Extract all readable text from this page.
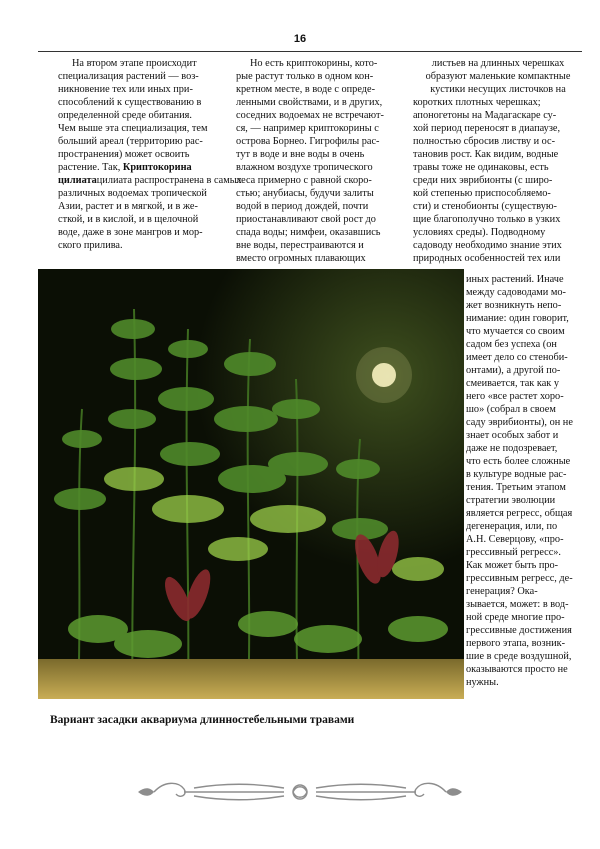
16
На втором этапе происходит
специализация растений — воз-
никновение тех или иных при-
способлений к существованию в
определенной среде обитания.
Чем выше эта специализация, тем
больший ареал (территорию рас-
пространения) может освоить
растение. Так, Криптокорина
цилиатацилиата распространена в самых
различных водоемах тропической
Азии, растет и в мягкой, и в же-
сткой, и в кислой, и в щелочной
воде, даже в зоне мангров и мор-
ского прилива.
Но есть криптокорины, кото-
рые растут только в одном кон-
кретном месте, в воде с опреде-
ленными свойствами, и в других,
соседних водоемах не встречают-
ся, — например криптокорины с
острова Борнео. Гигрофилы рас-
тут в воде и вне воды в очень
влажном воздухе тропического
леса примерно с равной скоро-
стью; анубиасы, будучи залиты
водой в период дождей, почти
приостанавливают свой рост до
спада воды; нимфеи, оказавшись
вне воды, перестраиваются и
вместо огромных плавающих
листьев на длинных черешках
образуют маленькие компактные
кустики несущих листочков на
коротких плотных черешках;
апоногетоны на Мадагаскаре су-
хой период переносят в диапаузе,
полностью сбросив листву и ос-
тановив рост. Как видим, водные
травы тоже не одинаковы, есть
среди них эврибионты (с широ-
кой степенью приспособляемо-
сти) и стенобионты (существую-
щие благополучно только в узких
условиях среды). Подводному
садоводу необходимо знание этих
природных особенностей тех или
иных растений. Иначе
между садоводами мо-
жет возникнуть непо-
нимание: один говорит,
что мучается со своим
садом без успеха (он
имеет дело со стеноби-
онтами), а другой по-
смеивается, так как у
него «все растет хоро-
шо» (собрал в своем
саду эврибионты), он не
знает особых забот и
даже не подозревает,
что есть более сложные
в культуре водные рас-
тения. Третьим этапом
стратегии эволюции
является регресс, общая
дегенерация, или, по
А.Н. Северцову, «про-
грессивный регресс».
Как может быть про-
грессивным регресс, де-
генерация? Ока-
зывается, может: в вод-
ной среде многие про-
грессивные достижения
первого этапа, возник-
шие в среде воздушной,
оказываются просто не
нужны.
Вариант засадки аквариума длинностебельными травами
